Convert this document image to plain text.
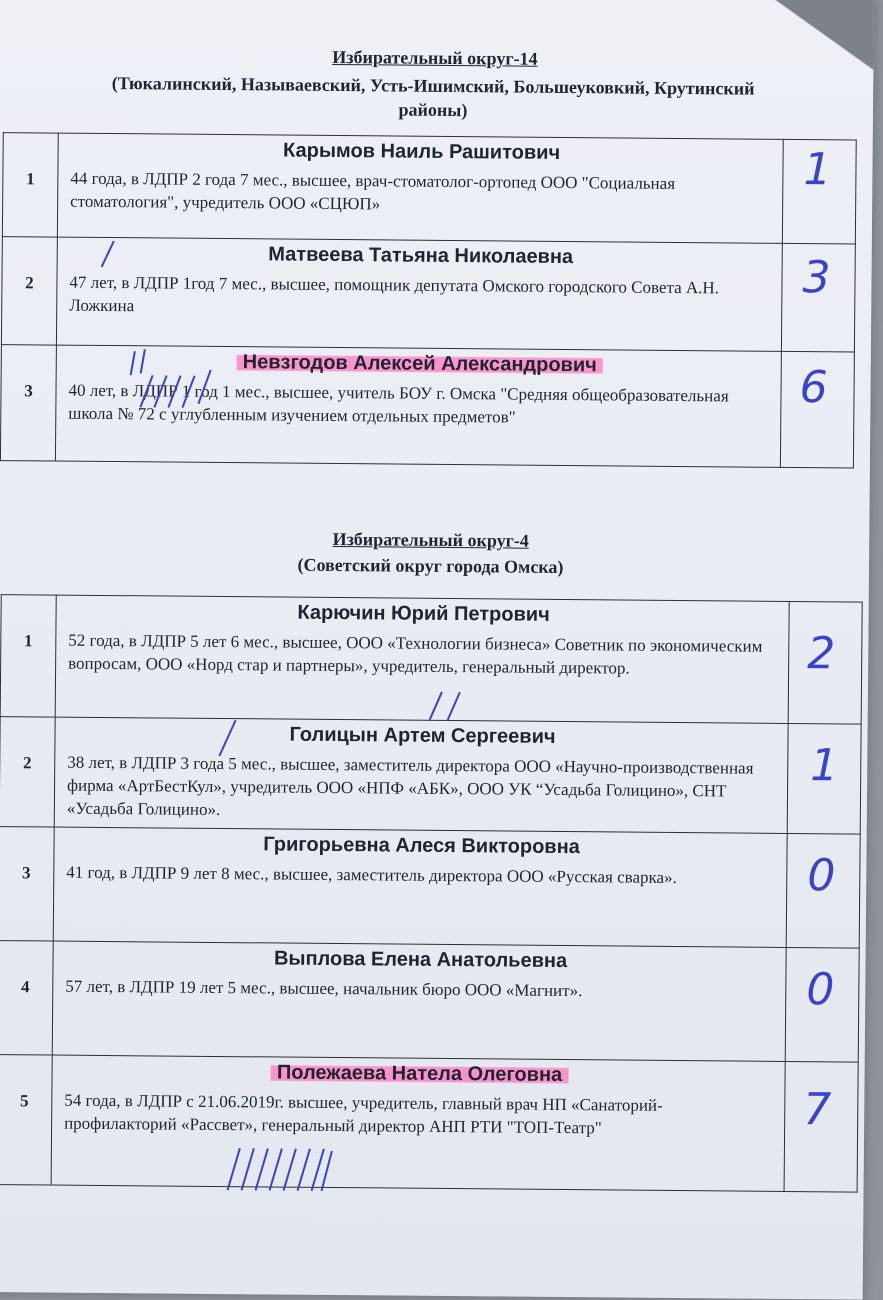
Избирательный округ-14
(Тюкалинский, Называевский, Усть-Ишимский, Большеуковкий, Крутинский
районы)
1	Карымов Наиль Рашитович
44 года, в ЛДПР 2 года 7 мес., высшее, врач-стоматолог-ортопед ООО "Социальная стоматология", учредитель ООО «СЦЮП»	1

2	Матвеева Татьяна Николаевна
47 лет, в ЛДПР 1год 7 мес., высшее, помощник депутата Омского городского Совета А.Н. Ложкина	3

3	Невзгодов Алексей Александрович
40 лет, в ЛДПР 1 год 1 мес., высшее, учитель БОУ г. Омска "Средняя общеобразовательная школа № 72 с углубленным изучением отдельных предметов"	6
Избирательный округ-4
(Советский округ города Омска)
1	Карючин Юрий Петрович
52 года, в ЛДПР 5 лет 6 мес., высшее, ООО «Технологии бизнеса» Советник по экономическим вопросам, ООО «Норд стар и партнеры», учредитель, генеральный директор.	2

2	Голицын Артем Сергеевич
38 лет, в ЛДПР 3 года 5 мес., высшее, заместитель директора ООО «Научно-производственная фирма «АртБестКул», учредитель ООО «НПФ «АБК», ООО УК “Усадьба Голицино», СНТ «Усадьба Голицино».	1

3	Григорьевна Алеся Викторовна
41 год, в ЛДПР 9 лет 8 мес., высшее, заместитель директора ООО «Русская сварка».	0

4	Выплова Елена Анатольевна
57 лет, в ЛДПР 19 лет 5 мес., высшее, начальник бюро ООО «Магнит».	0

5	Полежаева Натела Олеговна
54 года, в ЛДПР с 21.06.2019г. высшее, учредитель, главный врач НП «Санаторий-профилакторий «Рассвет», генеральный директор АНП РТИ "ТОП-Театр"	7
